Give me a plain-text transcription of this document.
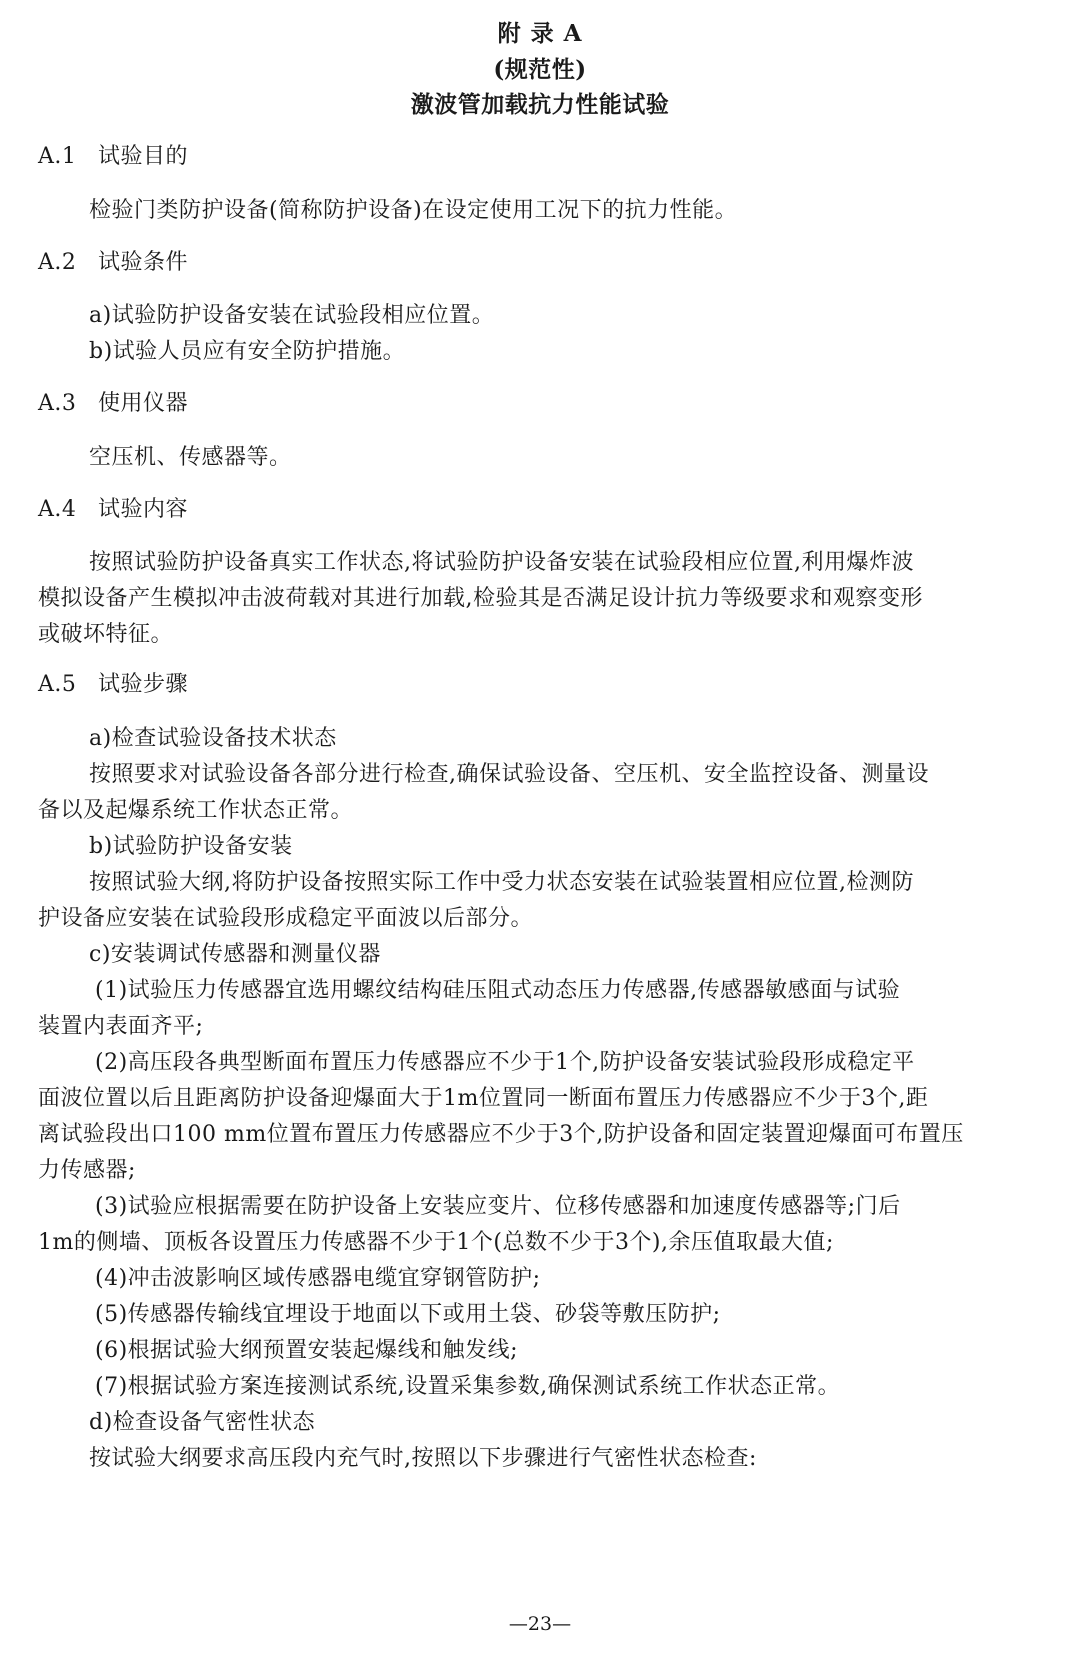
附 录 A
(规范性)
激波管加载抗力性能试验
A.1 试验目的
检验门类防护设备(简称防护设备)在设定使用工况下的抗力性能。
A.2 试验条件
a)试验防护设备安装在试验段相应位置。
b)试验人员应有安全防护措施。
A.3 使用仪器
空压机、传感器等。
A.4 试验内容
按照试验防护设备真实工作状态,将试验防护设备安装在试验段相应位置,利用爆炸波
模拟设备产生模拟冲击波荷载对其进行加载,检验其是否满足设计抗力等级要求和观察变形
或破坏特征。
A.5 试验步骤
a)检查试验设备技术状态
按照要求对试验设备各部分进行检查,确保试验设备、空压机、安全监控设备、测量设
备以及起爆系统工作状态正常。
b)试验防护设备安装
按照试验大纲,将防护设备按照实际工作中受力状态安装在试验装置相应位置,检测防
护设备应安装在试验段形成稳定平面波以后部分。
c)安装调试传感器和测量仪器
(1)试验压力传感器宜选用螺纹结构硅压阻式动态压力传感器,传感器敏感面与试验
装置内表面齐平;
(2)高压段各典型断面布置压力传感器应不少于1个,防护设备安装试验段形成稳定平
面波位置以后且距离防护设备迎爆面大于1m位置同一断面布置压力传感器应不少于3个,距
离试验段出口100 mm位置布置压力传感器应不少于3个,防护设备和固定装置迎爆面可布置压
力传感器;
(3)试验应根据需要在防护设备上安装应变片、位移传感器和加速度传感器等;门后
1m的侧墙、顶板各设置压力传感器不少于1个(总数不少于3个),余压值取最大值;
(4)冲击波影响区域传感器电缆宜穿钢管防护;
(5)传感器传输线宜埋设于地面以下或用土袋、砂袋等敷压防护;
(6)根据试验大纲预置安装起爆线和触发线;
(7)根据试验方案连接测试系统,设置采集参数,确保测试系统工作状态正常。
d)检查设备气密性状态
按试验大纲要求高压段内充气时,按照以下步骤进行气密性状态检查:
—23—
